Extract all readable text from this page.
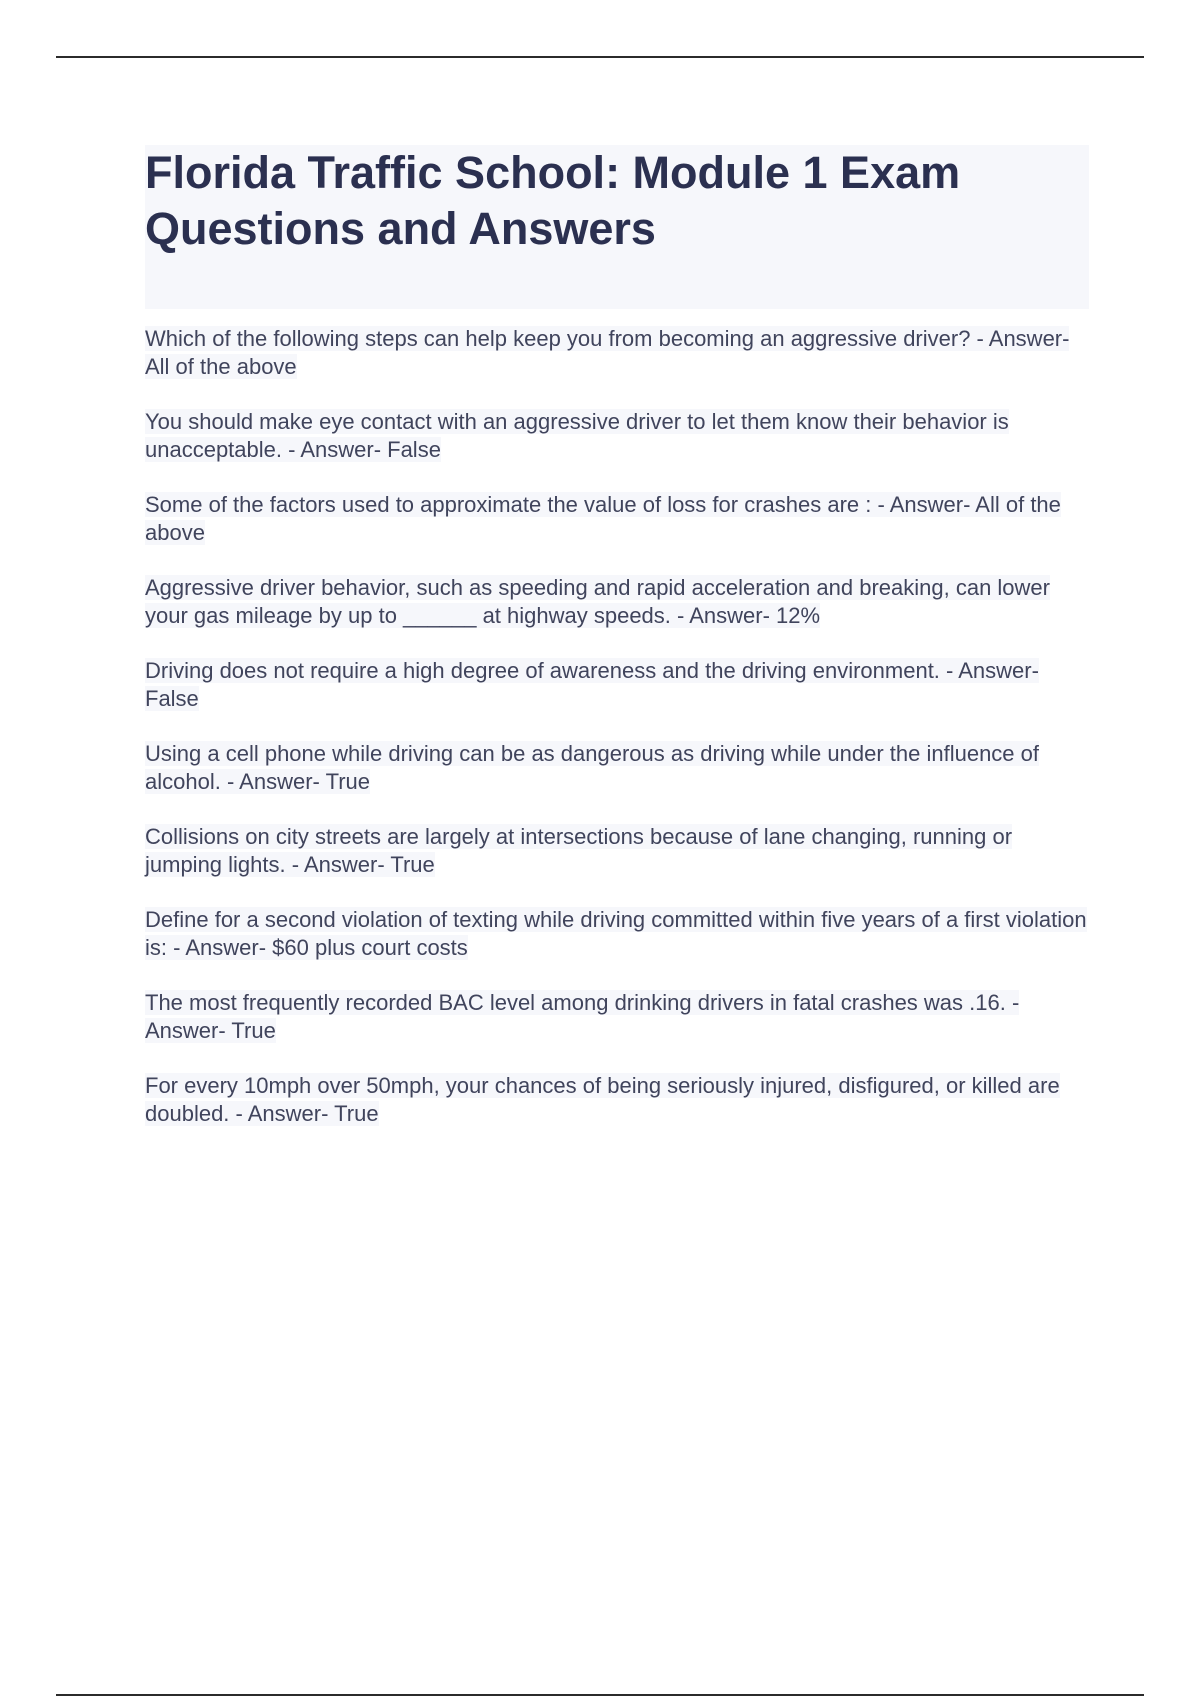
Florida Traffic School: Module 1 Exam Questions and Answers
Which of the following steps can help keep you from becoming an aggressive driver? - Answer- All of the above
You should make eye contact with an aggressive driver to let them know their behavior is unacceptable. - Answer- False
Some of the factors used to approximate the value of loss for crashes are : - Answer- All of the above
Aggressive driver behavior, such as speeding and rapid acceleration and breaking, can lower your gas mileage by up to ______ at highway speeds. - Answer- 12%
Driving does not require a high degree of awareness and the driving environment. - Answer- False
Using a cell phone while driving can be as dangerous as driving while under the influence of alcohol. - Answer- True
Collisions on city streets are largely at intersections because of lane changing, running or jumping lights. - Answer- True
Define for a second violation of texting while driving committed within five years of a first violation is: - Answer- $60 plus court costs
The most frequently recorded BAC level among drinking drivers in fatal crashes was .16. - Answer- True
For every 10mph over 50mph, your chances of being seriously injured, disfigured, or killed are doubled. - Answer- True
